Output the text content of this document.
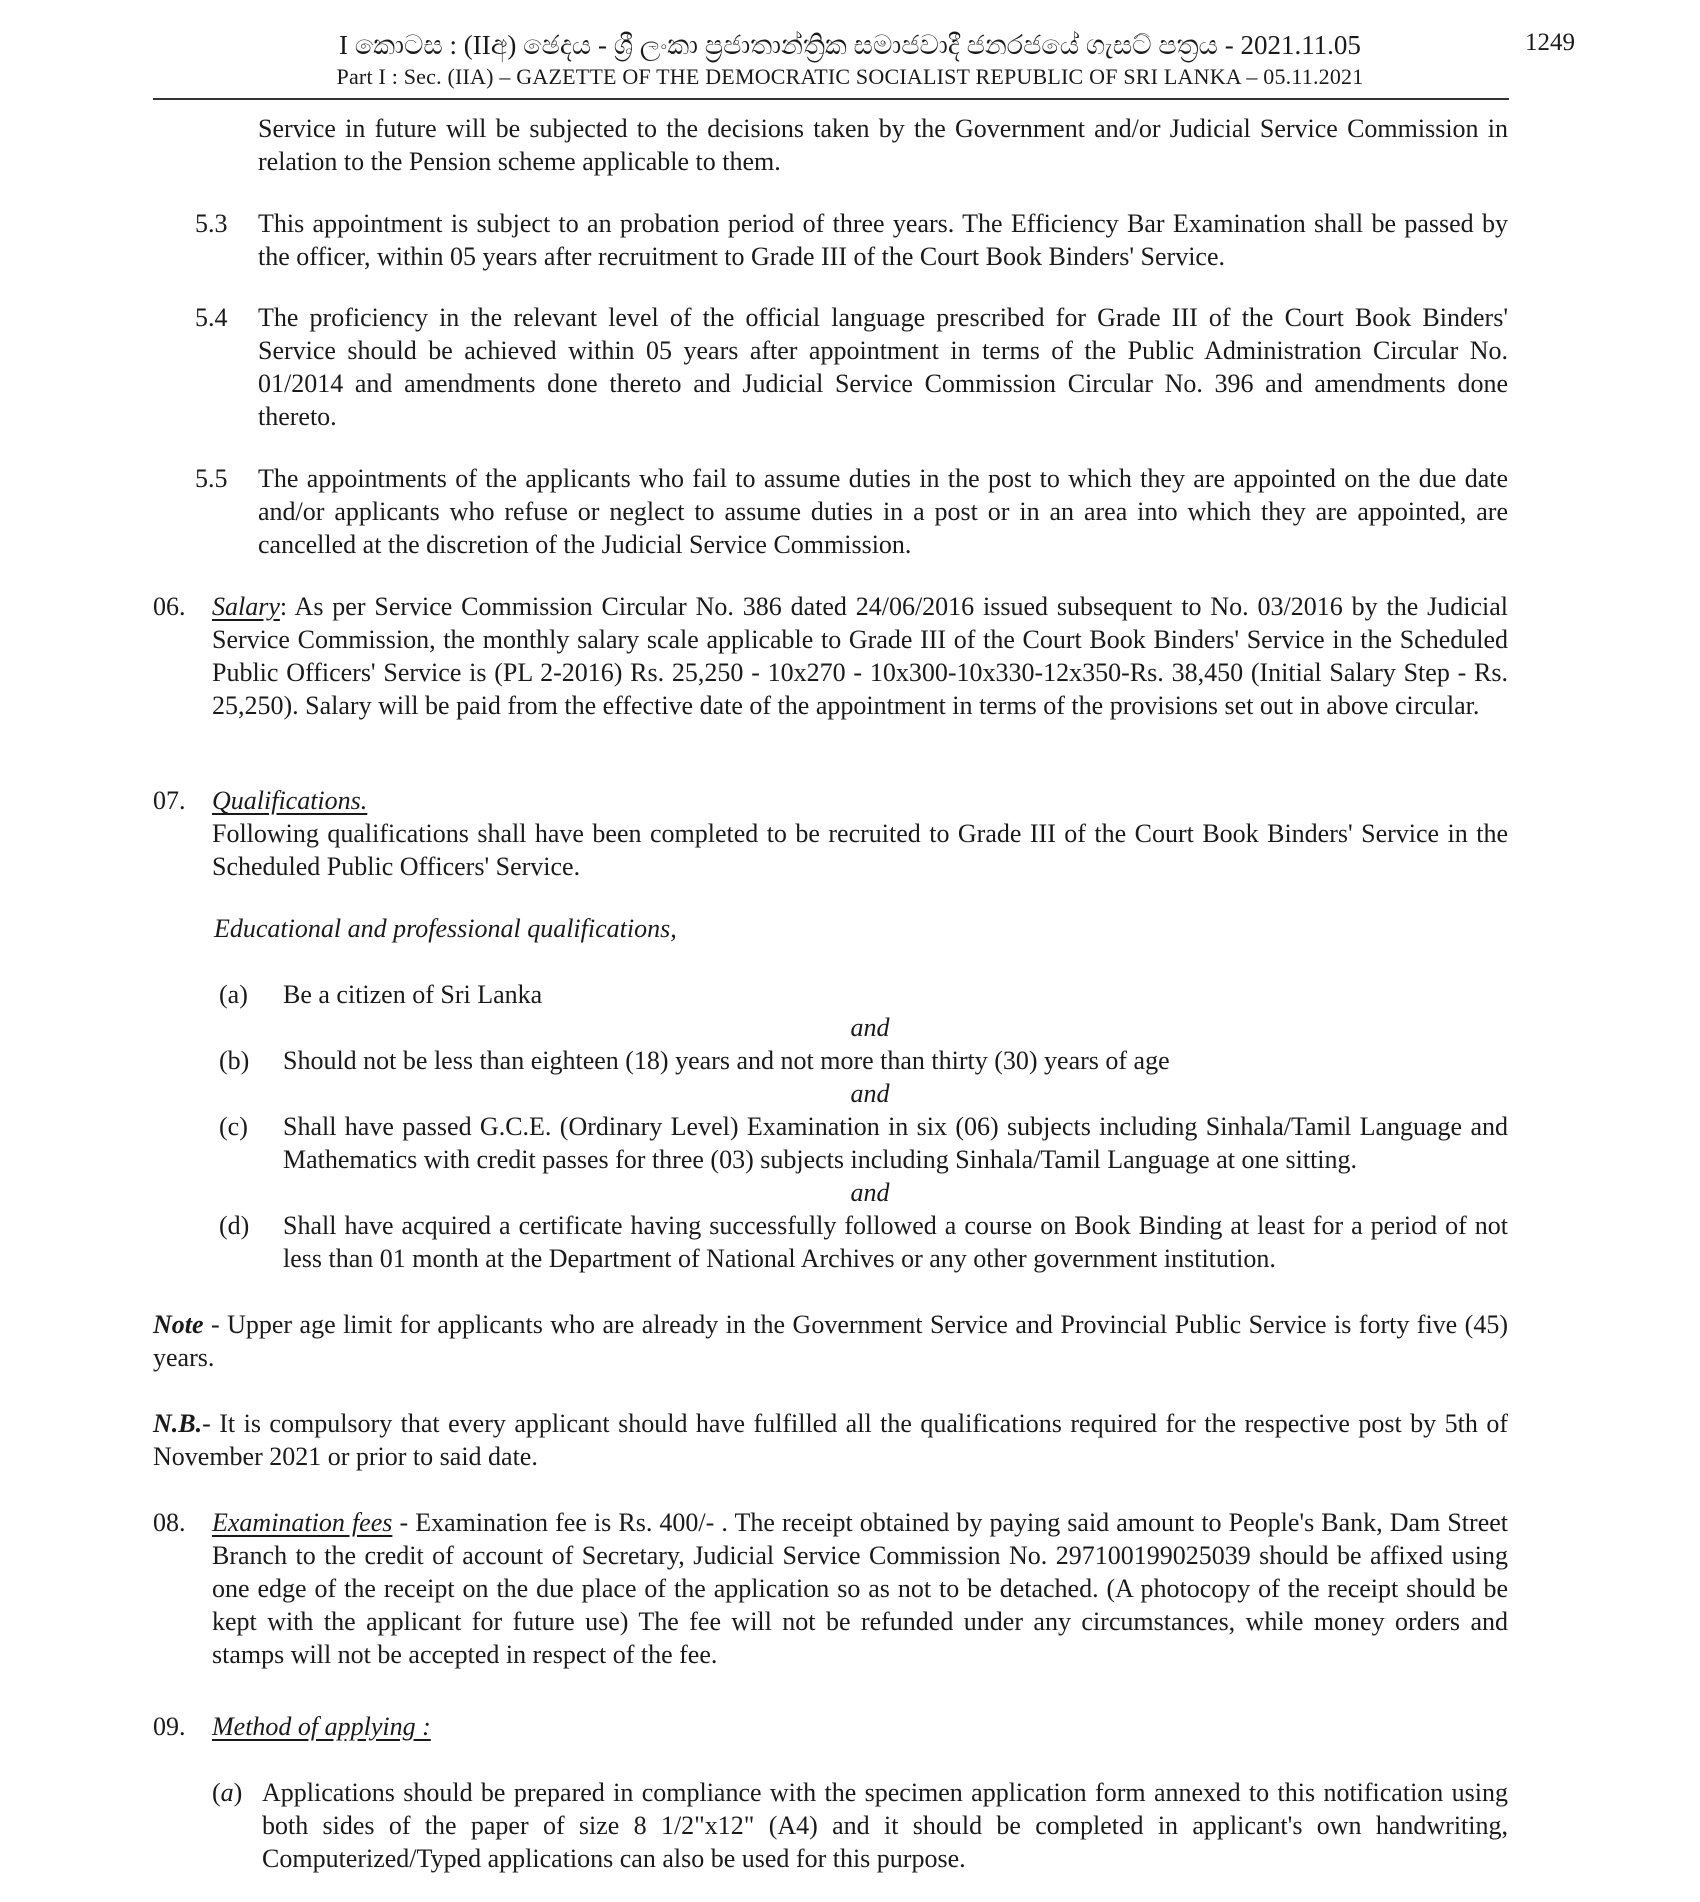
I කොටස : (IIඅ) ඡෙදය - ශ්‍රී ලංකා ප්‍රජාතාන්ත්‍රික සමාජවාදී ජනරජයේ ගැසට් පත්‍රය - 2021.11.05
Part I : Sec. (IIA) – GAZETTE OF THE DEMOCRATIC SOCIALIST REPUBLIC OF SRI LANKA – 05.11.2021
1249
Service in future will be subjected to the decisions taken by the Government and/or Judicial Service Commission in relation to the Pension scheme applicable to them.
5.3 This appointment is subject to an probation period of three years. The Efficiency Bar Examination shall be passed by the officer, within 05 years after recruitment to Grade III of the Court Book Binders' Service.
5.4 The proficiency in the relevant level of the official language prescribed for Grade III of the Court Book Binders' Service should be achieved within 05 years after appointment in terms of the Public Administration Circular No. 01/2014 and amendments done thereto and Judicial Service Commission Circular No. 396 and amendments done thereto.
5.5 The appointments of the applicants who fail to assume duties in the post to which they are appointed on the due date and/or applicants who refuse or neglect to assume duties in a post or in an area into which they are appointed, are cancelled at the discretion of the Judicial Service Commission.
06. Salary: As per Service Commission Circular No. 386 dated 24/06/2016 issued subsequent to No. 03/2016 by the Judicial Service Commission, the monthly salary scale applicable to Grade III of the Court Book Binders' Service in the Scheduled Public Officers' Service is (PL 2-2016) Rs. 25,250 - 10x270 - 10x300-10x330-12x350-Rs. 38,450 (Initial Salary Step - Rs. 25,250). Salary will be paid from the effective date of the appointment in terms of the provisions set out in above circular.
07. Qualifications.
Following qualifications shall have been completed to be recruited to Grade III of the Court Book Binders' Service in the Scheduled Public Officers' Service.
Educational and professional qualifications,
(a) Be a citizen of Sri Lanka
and
(b) Should not be less than eighteen (18) years and not more than thirty (30) years of age
and
(c) Shall have passed G.C.E. (Ordinary Level) Examination in six (06) subjects including Sinhala/Tamil Language and Mathematics with credit passes for three (03) subjects including Sinhala/Tamil Language at one sitting.
and
(d) Shall have acquired a certificate having successfully followed a course on Book Binding at least for a period of not less than 01 month at the Department of National Archives or any other government institution.
Note - Upper age limit for applicants who are already in the Government Service and Provincial Public Service is forty five (45) years.
N.B.- It is compulsory that every applicant should have fulfilled all the qualifications required for the respective post by 5th of November 2021 or prior to said date.
08. Examination fees - Examination fee is Rs. 400/- . The receipt obtained by paying said amount to People's Bank, Dam Street Branch to the credit of account of Secretary, Judicial Service Commission No. 297100199025039 should be affixed using one edge of the receipt on the due place of the application so as not to be detached. (A photocopy of the receipt should be kept with the applicant for future use) The fee will not be refunded under any circumstances, while money orders and stamps will not be accepted in respect of the fee.
09. Method of applying :
(a) Applications should be prepared in compliance with the specimen application form annexed to this notification using both sides of the paper of size 8 1/2"x12" (A4) and it should be completed in applicant's own handwriting, Computerized/Typed applications can also be used for this purpose.
